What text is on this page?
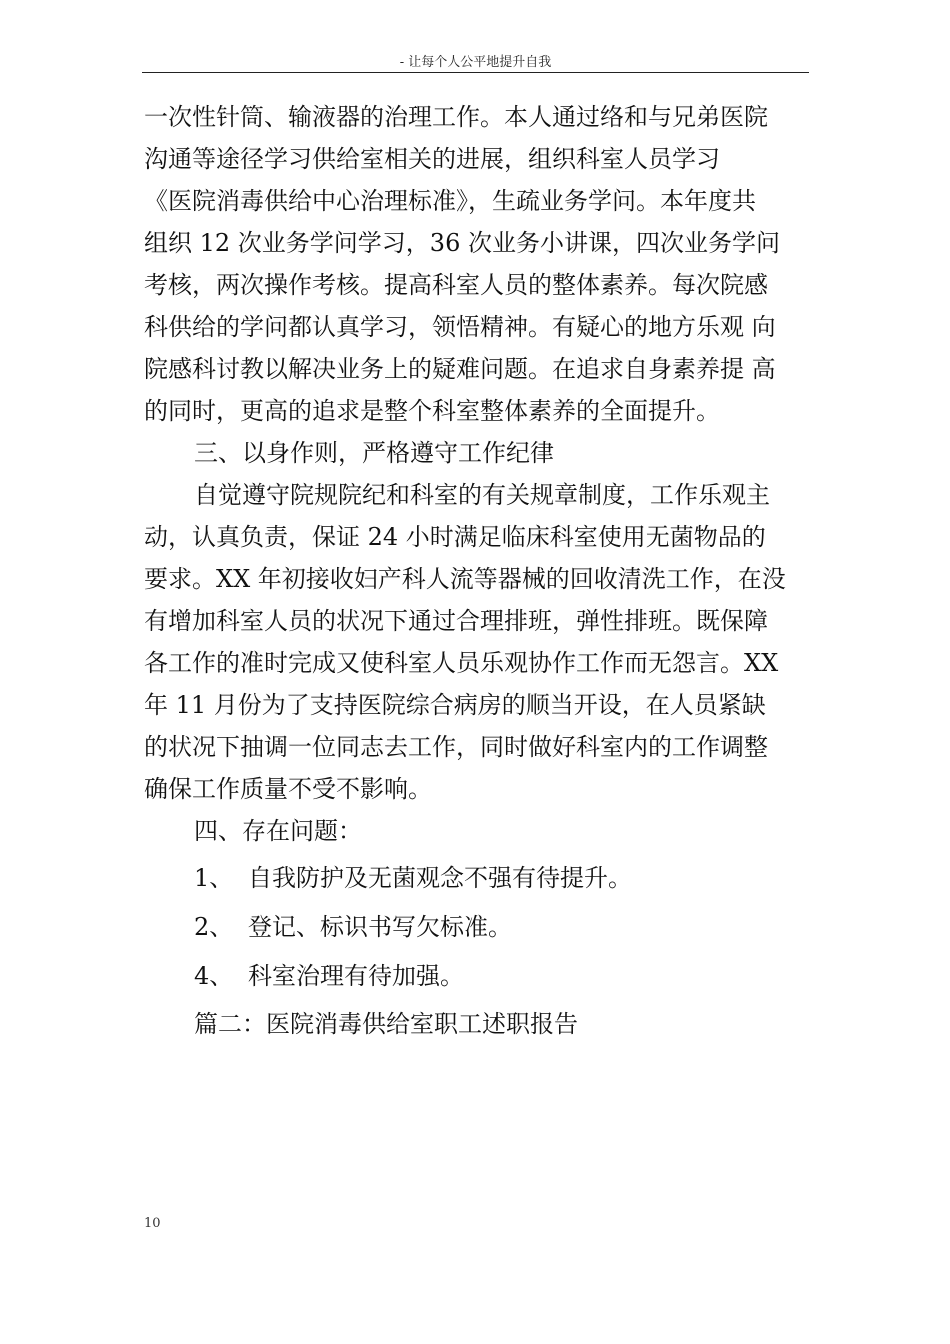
- 让每个人公平地提升自我
一次性针筒、输液器的治理工作。本人通过络和与兄弟医院
沟通等途径学习供给室相关的进展，组织科室人员学习
《医院消毒供给中心治理标准》，生疏业务学问。本年度共
组织 12 次业务学问学习，36 次业务小讲课，四次业务学问
考核，两次操作考核。提高科室人员的整体素养。每次院感
科供给的学问都认真学习，领悟精神。有疑心的地方乐观 向
院感科讨教以解决业务上的疑难问题。在追求自身素养提 高
的同时，更高的追求是整个科室整体素养的全面提升。
三、以身作则，严格遵守工作纪律
自觉遵守院规院纪和科室的有关规章制度，工作乐观主
动，认真负责，保证 24 小时满足临床科室使用无菌物品的
要求。XX 年初接收妇产科人流等器械的回收清洗工作，在没
有增加科室人员的状况下通过合理排班，弹性排班。既保障
各工作的准时完成又使科室人员乐观协作工作而无怨言。XX
年 11 月份为了支持医院综合病房的顺当开设，在人员紧缺
的状况下抽调一位同志去工作，同时做好科室内的工作调整
确保工作质量不受不影响。
四、存在问题：
1、 自我防护及无菌观念不强有待提升。
2、 登记、标识书写欠标准。
4、 科室治理有待加强。
篇二：医院消毒供给室职工述职报告
10
